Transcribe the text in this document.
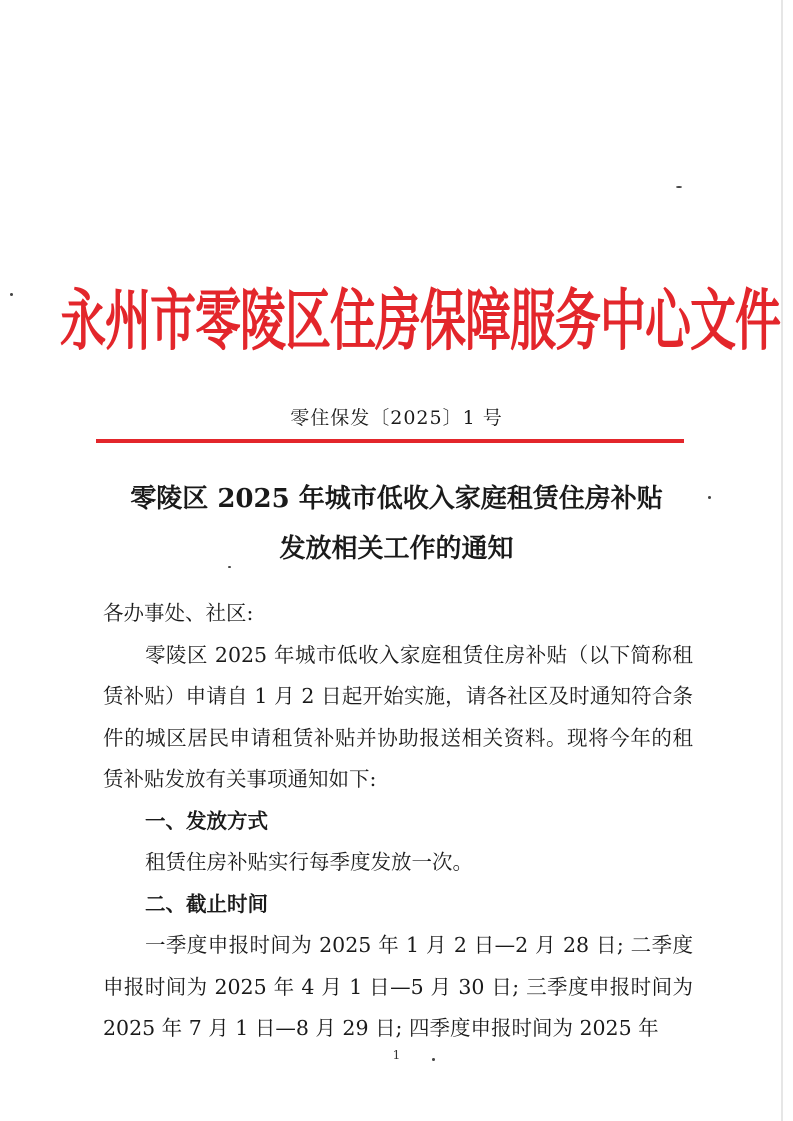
永州市零陵区住房保障服务中心文件
零住保发〔2025〕1 号
零陵区 2025 年城市低收入家庭租赁住房补贴
发放相关工作的通知

各办事处、社区:

零陵区 2025 年城市低收入家庭租赁住房补贴（以下简称租赁补贴）申请自 1 月 2 日起开始实施，请各社区及时通知符合条件的城区居民申请租赁补贴并协助报送相关资料。现将今年的租赁补贴发放有关事项通知如下:

一、发放方式

租赁住房补贴实行每季度发放一次。

二、截止时间

一季度申报时间为 2025 年 1 月 2 日—2 月 28 日; 二季度申报时间为 2025 年 4 月 1 日—5 月 30 日; 三季度申报时间为 2025 年 7 月 1 日—8 月 29 日; 四季度申报时间为 2025 年

1
